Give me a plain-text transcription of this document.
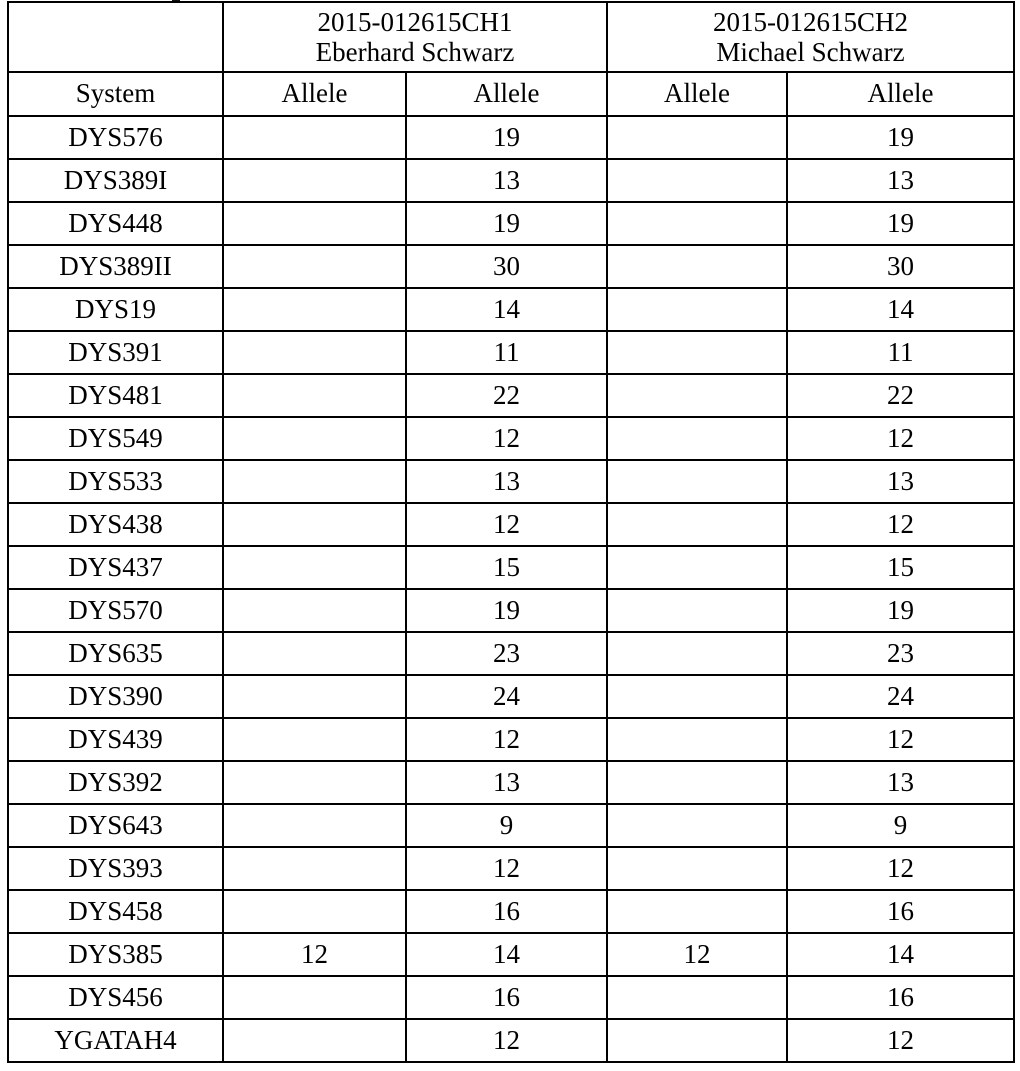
2015-012615CH1
Eberhard Schwarz

2015-012615CH2
Michael Schwarz

System	Allele	Allele	Allele	Allele
DYS576		19		19
DYS389I		13		13
DYS448		19		19
DYS389II		30		30
DYS19		14		14
DYS391		11		11
DYS481		22		22
DYS549		12		12
DYS533		13		13
DYS438		12		12
DYS437		15		15
DYS570		19		19
DYS635		23		23
DYS390		24		24
DYS439		12		12
DYS392		13		13
DYS643		9		9
DYS393		12		12
DYS458		16		16
DYS385	12	14	12	14
DYS456		16		16
YGATAH4		12		12
